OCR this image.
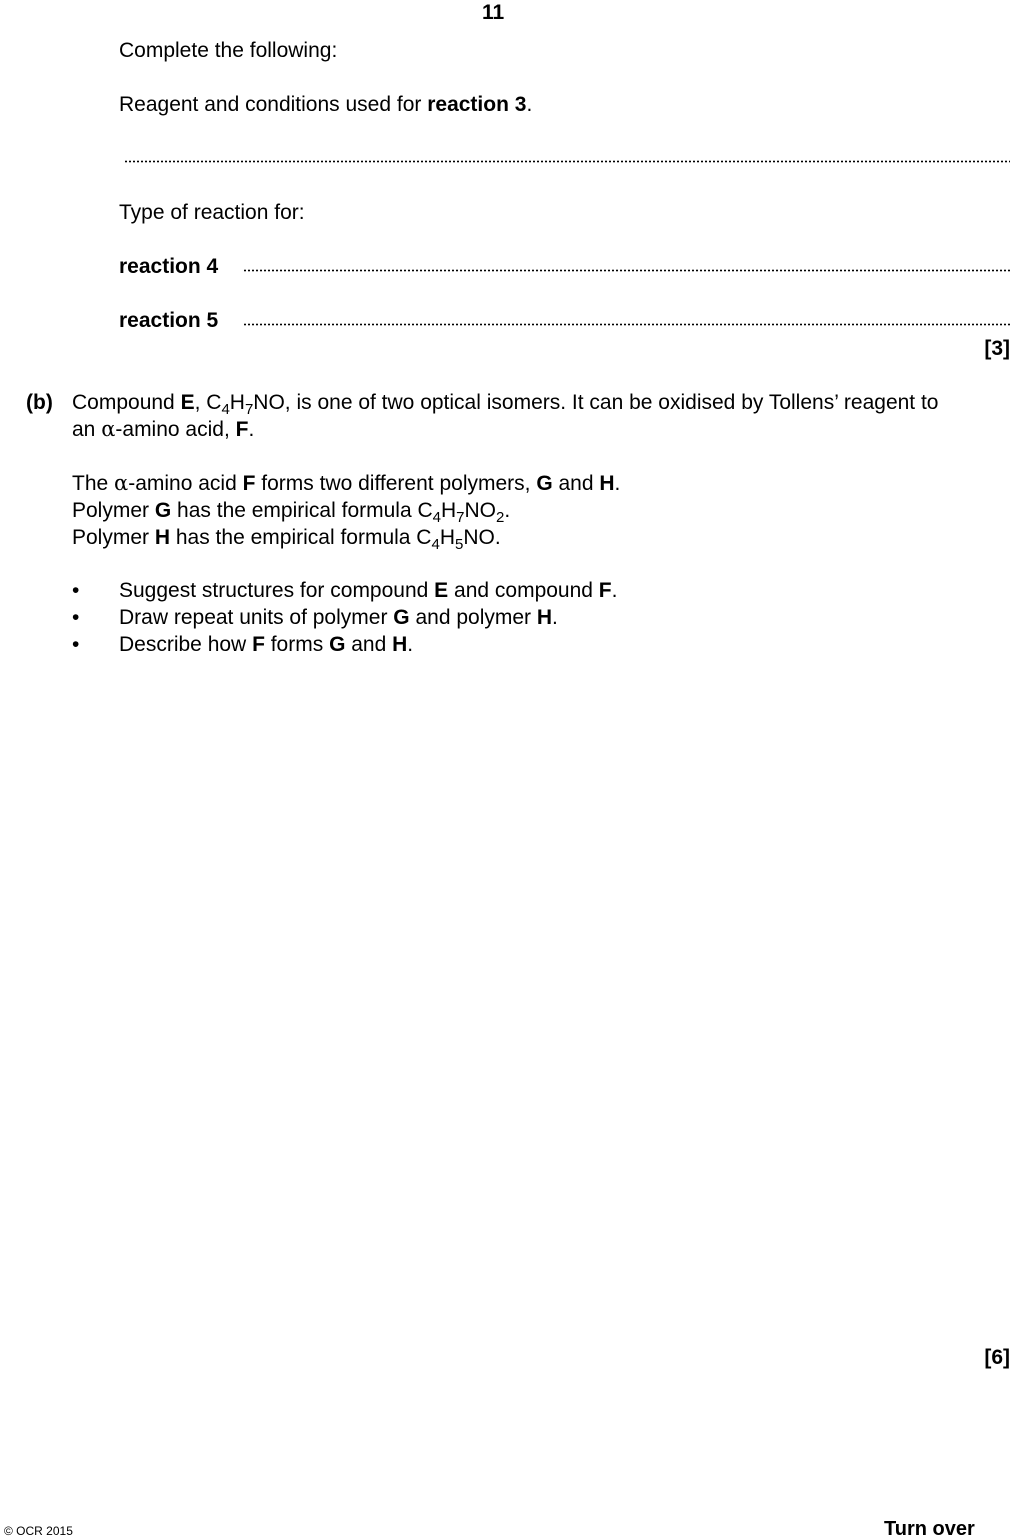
11
Complete the following:
Reagent and conditions used for reaction 3.
Type of reaction for:
reaction 4
reaction 5
[3]
(b) Compound E, $C_4H_7NO$, is one of two optical isomers. It can be oxidised by Tollens’ reagent to
an α-amino acid, F.
The α-amino acid F forms two different polymers, G and H.
Polymer G has the empirical formula $C_4H_7NO_2$.
Polymer H has the empirical formula $C_4H_5NO$.
• Suggest structures for compound E and compound F.
• Draw repeat units of polymer G and polymer H.
• Describe how F forms G and H.
[6]
© OCR 2015	Turn over
